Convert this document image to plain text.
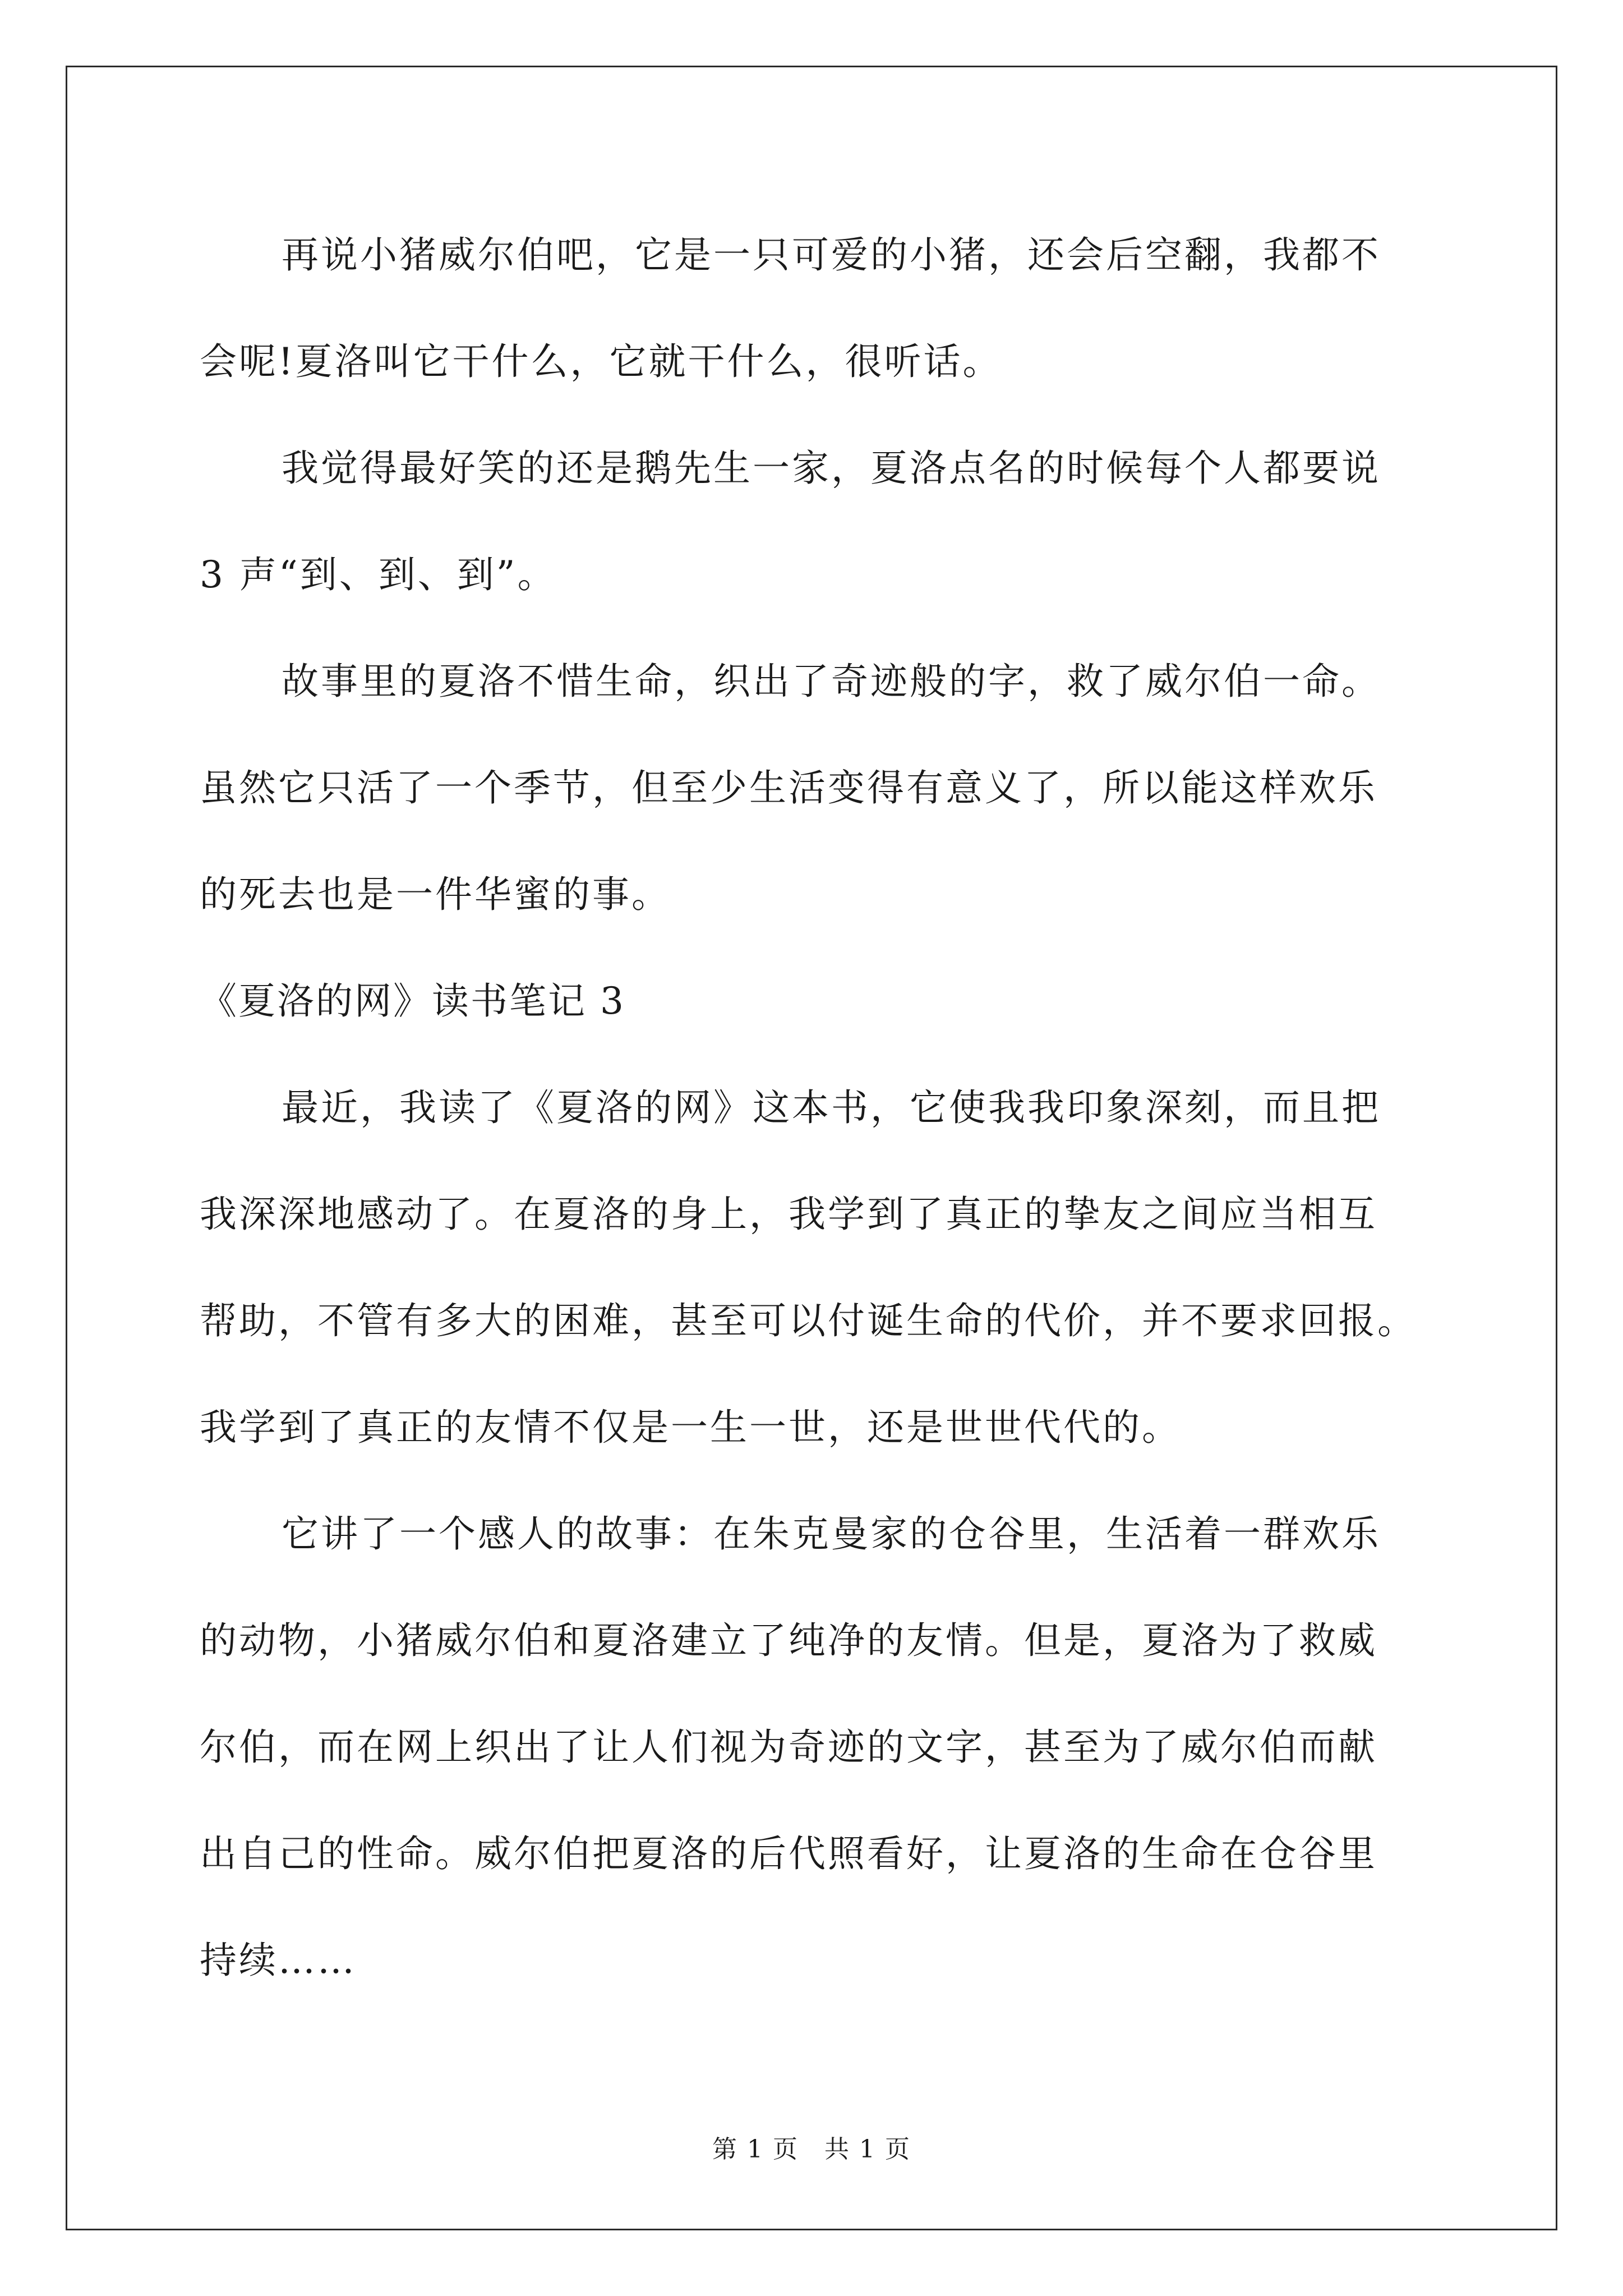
再说小猪威尔伯吧，它是一只可爱的小猪，还会后空翻，我都不
会呢!夏洛叫它干什么，它就干什么，很听话。
我觉得最好笑的还是鹅先生一家，夏洛点名的时候每个人都要说
3 声“到、到、到”。
故事里的夏洛不惜生命，织出了奇迹般的字，救了威尔伯一命。
虽然它只活了一个季节，但至少生活变得有意义了，所以能这样欢乐
的死去也是一件华蜜的事。
《夏洛的网》读书笔记 3
最近，我读了《夏洛的网》这本书，它使我我印象深刻，而且把
我深深地感动了。在夏洛的身上，我学到了真正的挚友之间应当相互
帮助，不管有多大的困难，甚至可以付诞生命的代价，并不要求回报。
我学到了真正的友情不仅是一生一世，还是世世代代的。
它讲了一个感人的故事：在朱克曼家的仓谷里，生活着一群欢乐
的动物，小猪威尔伯和夏洛建立了纯净的友情。但是，夏洛为了救威
尔伯，而在网上织出了让人们视为奇迹的文字，甚至为了威尔伯而献
出自己的性命。威尔伯把夏洛的后代照看好，让夏洛的生命在仓谷里
持续……
第 1 页　共 1 页
